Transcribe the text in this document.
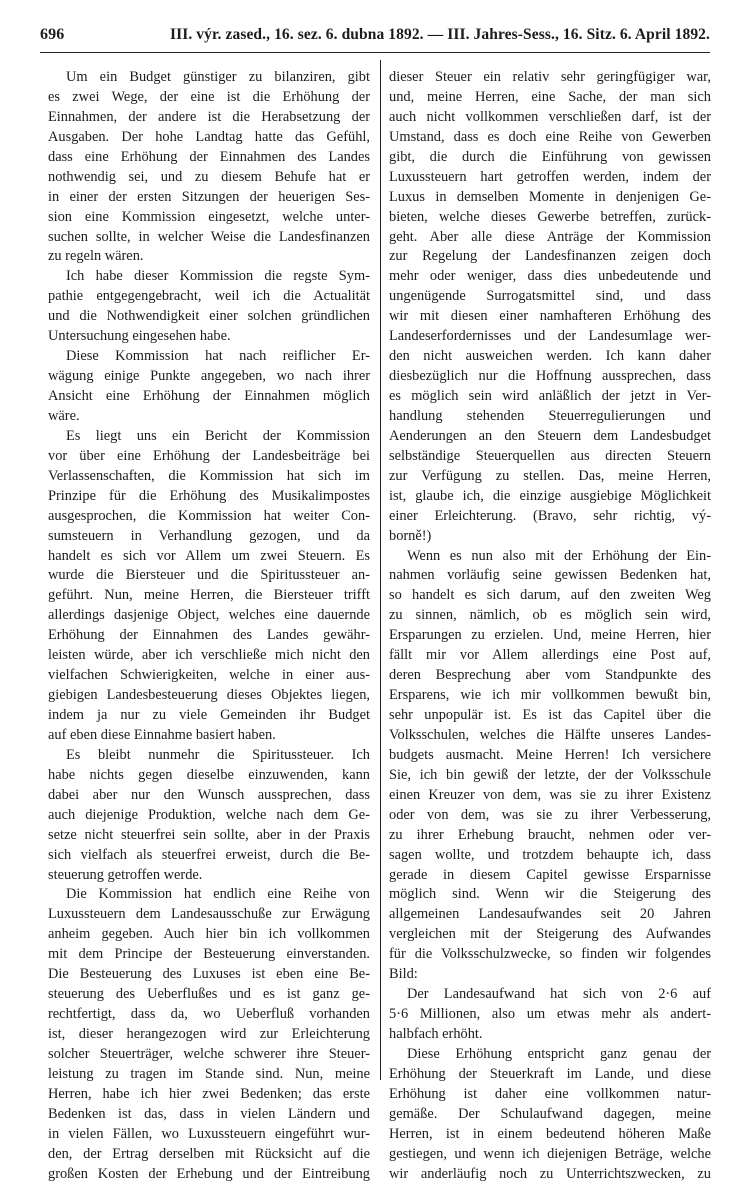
696	III. výr. zased., 16. sez. 6. dubna 1892. — III. Jahres-Sess., 16. Sitz. 6. April 1892.
Um ein Budget günstiger zu bilanziren, gibt
es zwei Wege, der eine ist die Erhöhung der
Einnahmen, der andere ist die Herabsetzung der
Ausgaben. Der hohe Landtag hatte das Gefühl,
dass eine Erhöhung der Einnahmen des Landes
nothwendig sei, und zu diesem Behufe hat er
in einer der ersten Sitzungen der heuerigen Ses-
sion eine Kommission eingesetzt, welche unter-
suchen sollte, in welcher Weise die Landesfinanzen
zu regeln wären.
Ich habe dieser Kommission die regste Sym-
pathie entgegengebracht, weil ich die Actualität
und die Nothwendigkeit einer solchen gründlichen
Untersuchung eingesehen habe.
Diese Kommission hat nach reiflicher Er-
wägung einige Punkte angegeben, wo nach ihrer
Ansicht eine Erhöhung der Einnahmen möglich
wäre.
Es liegt uns ein Bericht der Kommission
vor über eine Erhöhung der Landesbeiträge bei
Verlassenschaften, die Kommission hat sich im
Prinzipe für die Erhöhung des Musikalimpostes
ausgesprochen, die Kommission hat weiter Con-
sumsteuern in Verhandlung gezogen, und da
handelt es sich vor Allem um zwei Steuern. Es
wurde die Biersteuer und die Spiritussteuer an-
geführt. Nun, meine Herren, die Biersteuer trifft
allerdings dasjenige Object, welches eine dauernde
Erhöhung der Einnahmen des Landes gewähr-
leisten würde, aber ich verschließe mich nicht den
vielfachen Schwierigkeiten, welche in einer aus-
giebigen Landesbesteuerung dieses Objektes liegen,
indem ja nur zu viele Gemeinden ihr Budget
auf eben diese Einnahme basiert haben.
Es bleibt nunmehr die Spiritussteuer. Ich
habe nichts gegen dieselbe einzuwenden, kann
dabei aber nur den Wunsch aussprechen, dass
auch diejenige Produktion, welche nach dem Ge-
setze nicht steuerfrei sein sollte, aber in der Praxis
sich vielfach als steuerfrei erweist, durch die Be-
steuerung getroffen werde.
Die Kommission hat endlich eine Reihe von
Luxussteuern dem Landesausschuße zur Erwägung
anheim gegeben. Auch hier bin ich vollkommen
mit dem Principe der Besteuerung einverstanden.
Die Besteuerung des Luxuses ist eben eine Be-
steuerung des Ueberflußes und es ist ganz ge-
rechtfertigt, dass da, wo Ueberfluß vorhanden
ist, dieser herangezogen wird zur Erleichterung
solcher Steuerträger, welche schwerer ihre Steuer-
leistung zu tragen im Stande sind. Nun, meine
Herren, habe ich hier zwei Bedenken; das erste
Bedenken ist das, dass in vielen Ländern und
in vielen Fällen, wo Luxussteuern eingeführt wur-
den, der Ertrag derselben mit Rücksicht auf die
großen Kosten der Erhebung und der Eintreibung
dieser Steuer ein relativ sehr geringfügiger war,
und, meine Herren, eine Sache, der man sich
auch nicht vollkommen verschließen darf, ist der
Umstand, dass es doch eine Reihe von Gewerben
gibt, die durch die Einführung von gewissen
Luxussteuern hart getroffen werden, indem der
Luxus in demselben Momente in denjenigen Ge-
bieten, welche dieses Gewerbe betreffen, zurück-
geht. Aber alle diese Anträge der Kommission
zur Regelung der Landesfinanzen zeigen doch
mehr oder weniger, dass dies unbedeutende und
ungenügende Surrogatsmittel sind, und dass
wir mit diesen einer namhafteren Erhöhung des
Landeserfordernisses und der Landesumlage wer-
den nicht ausweichen werden. Ich kann daher
diesbezüglich nur die Hoffnung aussprechen, dass
es möglich sein wird anläßlich der jetzt in Ver-
handlung stehenden Steuerregulierungen und
Aenderungen an den Steuern dem Landesbudget
selbständige Steuerquellen aus directen Steuern
zur Verfügung zu stellen. Das, meine Herren,
ist, glaube ich, die einzige ausgiebige Möglichkeit
einer Erleichterung. (Bravo, sehr richtig, vý-
borně!)
Wenn es nun also mit der Erhöhung der Ein-
nahmen vorläufig seine gewissen Bedenken hat,
so handelt es sich darum, auf den zweiten Weg
zu sinnen, nämlich, ob es möglich sein wird,
Ersparungen zu erzielen. Und, meine Herren, hier
fällt mir vor Allem allerdings eine Post auf,
deren Besprechung aber vom Standpunkte des
Ersparens, wie ich mir vollkommen bewußt bin,
sehr unpopulär ist. Es ist das Capitel über die
Volksschulen, welches die Hälfte unseres Landes-
budgets ausmacht. Meine Herren! Ich versichere
Sie, ich bin gewiß der letzte, der der Volksschule
einen Kreuzer von dem, was sie zu ihrer Existenz
oder von dem, was sie zu ihrer Verbesserung,
zu ihrer Erhebung braucht, nehmen oder ver-
sagen wollte, und trotzdem behaupte ich, dass
gerade in diesem Capitel gewisse Ersparnisse
möglich sind. Wenn wir die Steigerung des
allgemeinen Landesaufwandes seit 20 Jahren
vergleichen mit der Steigerung des Aufwandes
für die Volksschulzwecke, so finden wir folgendes
Bild:
Der Landesaufwand hat sich von 2·6 auf
5·6 Millionen, also um etwas mehr als andert-
halbfach erhöht.
Diese Erhöhung entspricht ganz genau der
Erhöhung der Steuerkraft im Lande, und diese
Erhöhung ist daher eine vollkommen natur-
gemäße. Der Schulaufwand dagegen, meine
Herren, ist in einem bedeutend höheren Maße
gestiegen, und wenn ich diejenigen Beträge, welche
wir anderläufig noch zu Unterrichtszwecken, zu
